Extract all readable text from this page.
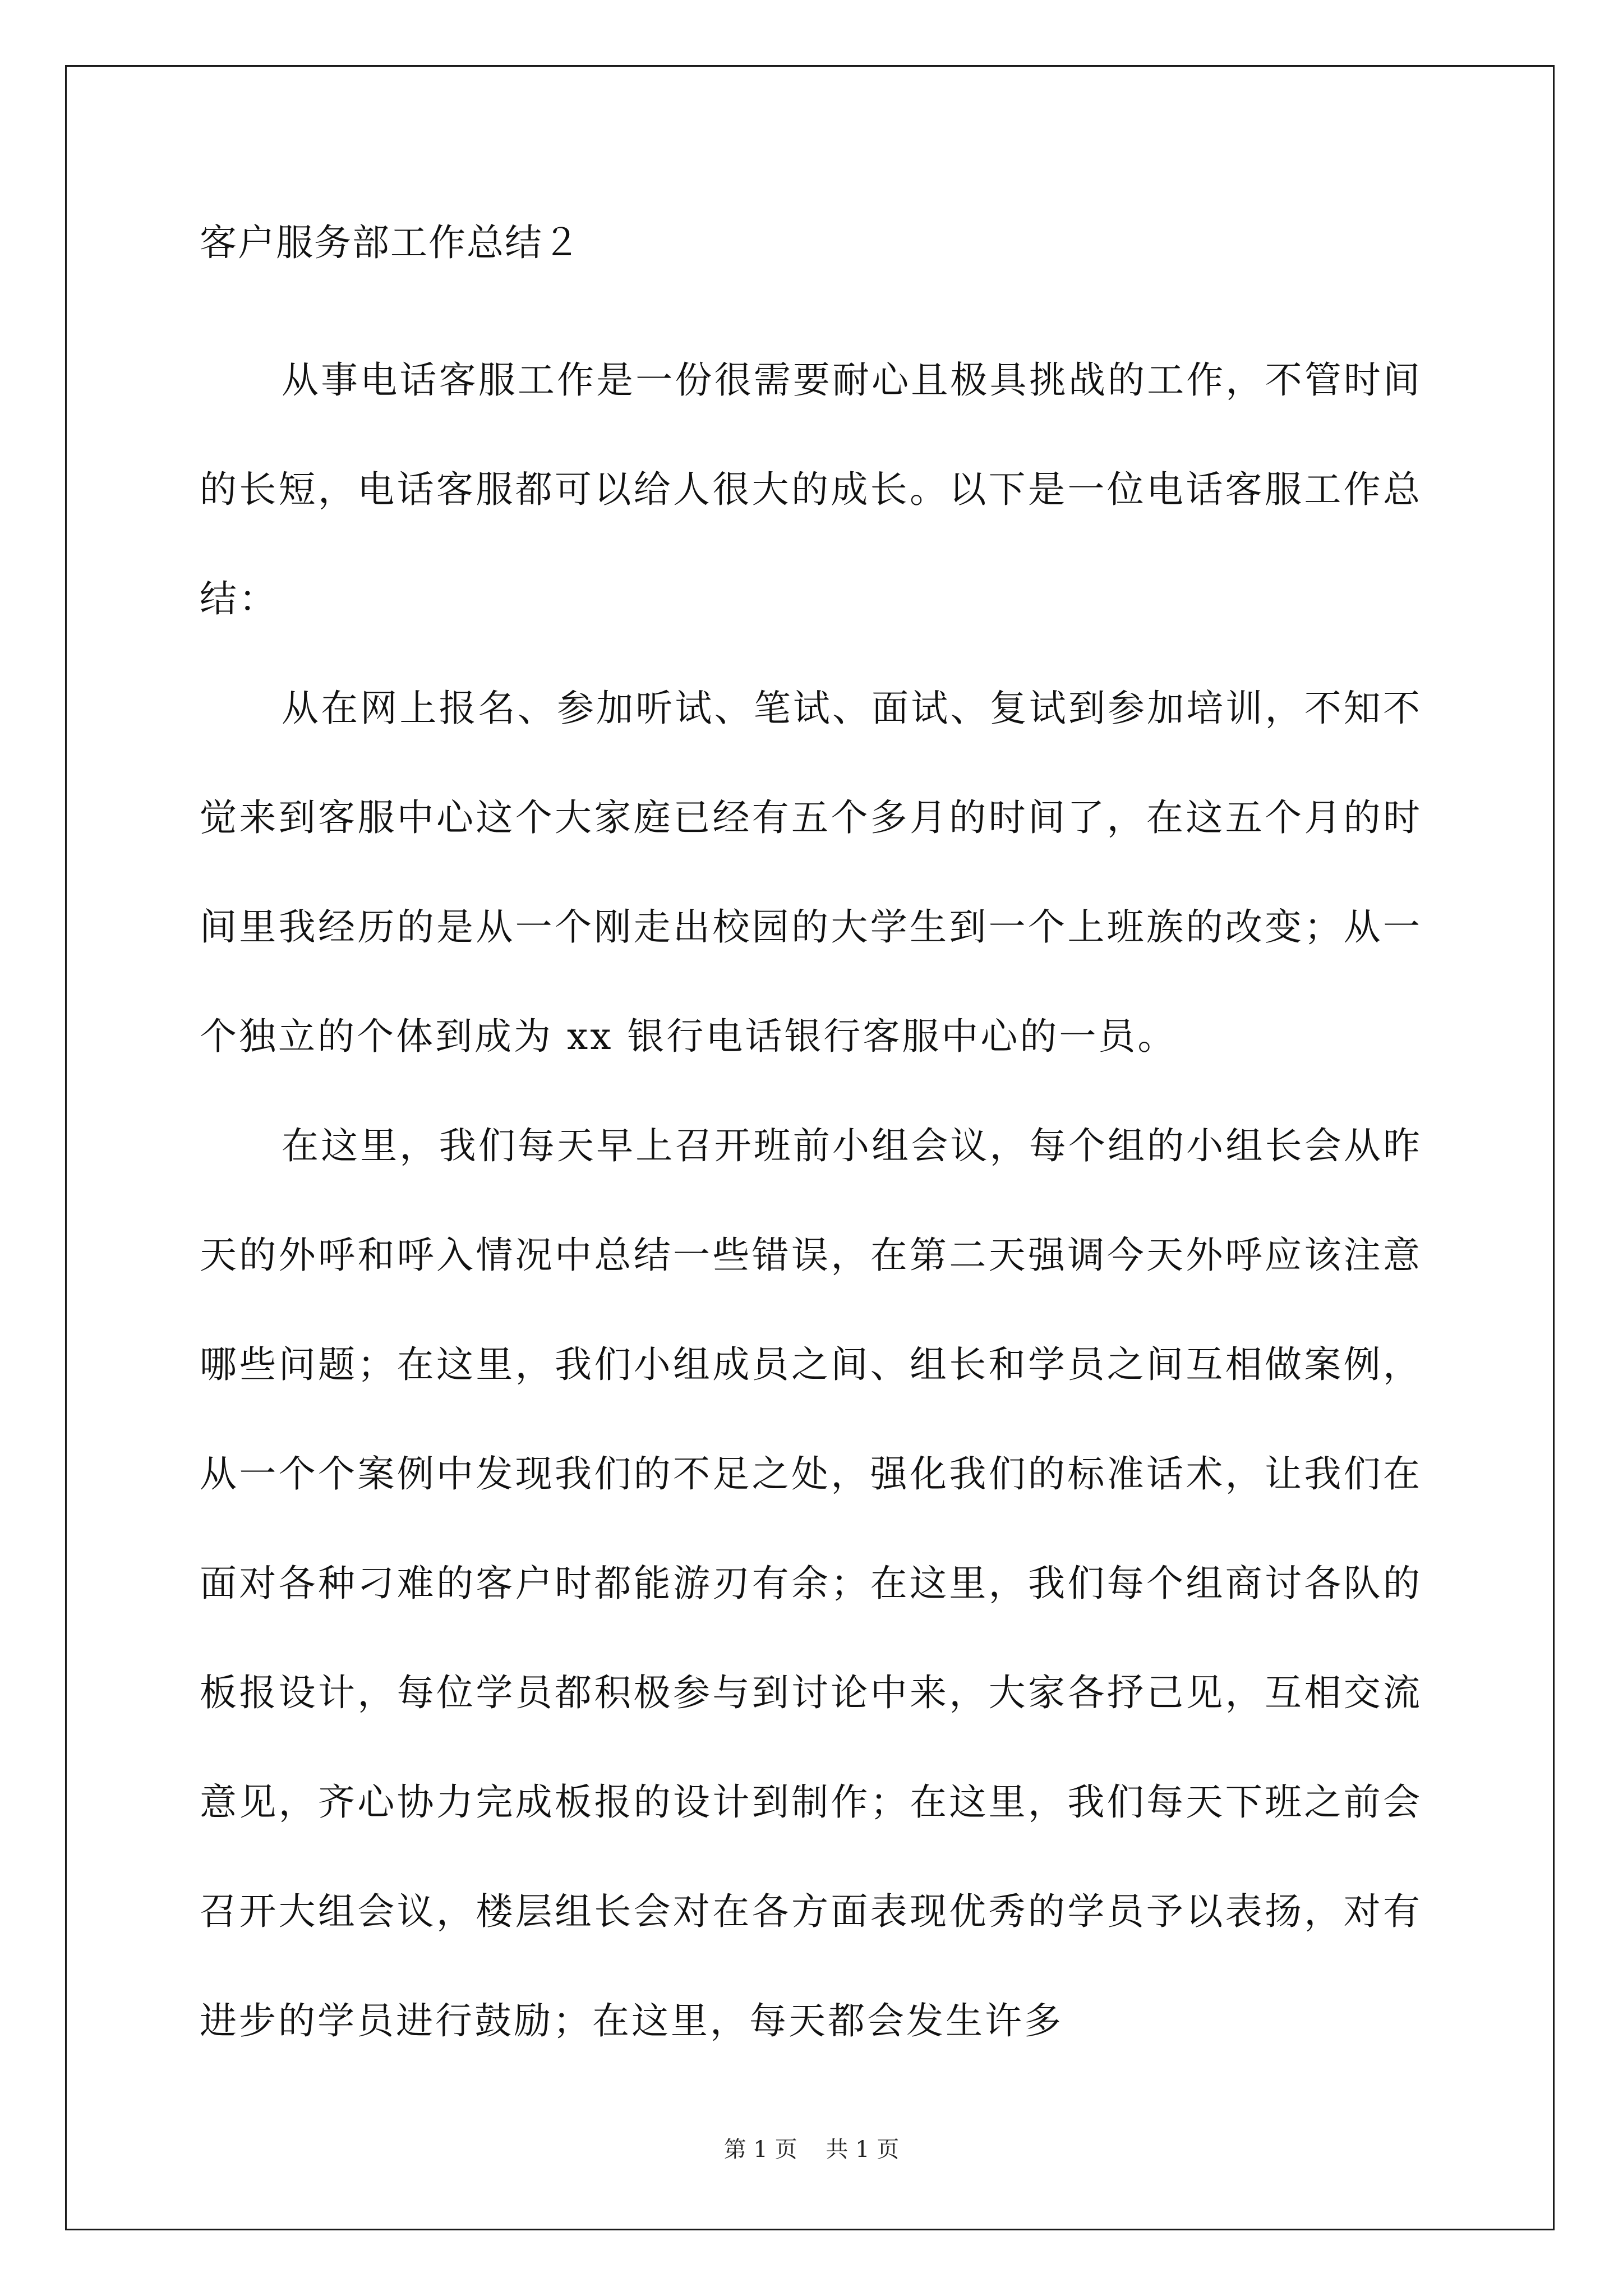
客户服务部工作总结２

从事电话客服工作是一份很需要耐心且极具挑战的工作，不管时间的长短，电话客服都可以给人很大的成长。以下是一位电话客服工作总结：

从在网上报名、参加听试、笔试、面试、复试到参加培训，不知不觉来到客服中心这个大家庭已经有五个多月的时间了，在这五个月的时间里我经历的是从一个刚走出校园的大学生到一个上班族的改变；从一个独立的个体到成为 xx 银行电话银行客服中心的一员。

在这里，我们每天早上召开班前小组会议，每个组的小组长会从昨天的外呼和呼入情况中总结一些错误，在第二天强调今天外呼应该注意哪些问题；在这里，我们小组成员之间、组长和学员之间互相做案例，从一个个案例中发现我们的不足之处，强化我们的标准话术，让我们在面对各种刁难的客户时都能游刃有余；在这里，我们每个组商讨各队的板报设计，每位学员都积极参与到讨论中来，大家各抒己见，互相交流意见，齐心协力完成板报的设计到制作；在这里，我们每天下班之前会召开大组会议，楼层组长会对在各方面表现优秀的学员予以表扬，对有进步的学员进行鼓励；在这里，每天都会发生许多

第 1 页    共 1 页
